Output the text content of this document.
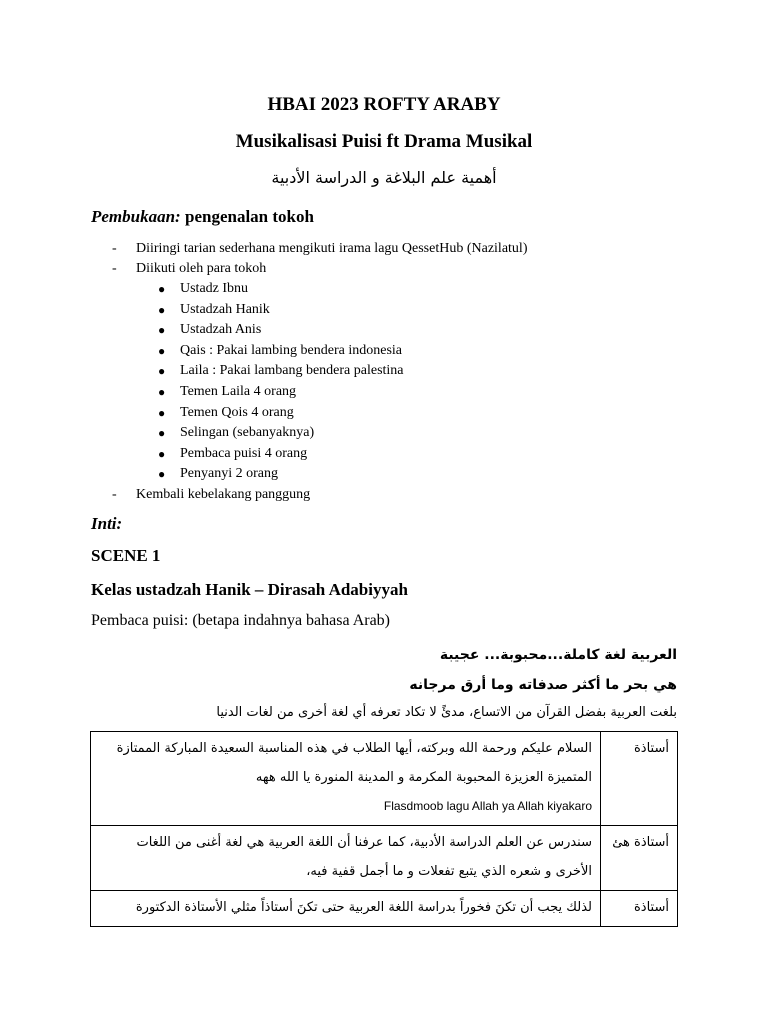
HBAI 2023 ROFTY ARABY
Musikalisasi Puisi ft Drama Musikal
أهمية علم البلاغة و الدراسة الأدبية
Pembukaan: pengenalan tokoh
- Diiringi tarian sederhana mengikuti irama lagu QessetHub (Nazilatul)
- Diikuti oleh para tokoh
● Ustadz Ibnu
● Ustadzah Hanik
● Ustadzah Anis
● Qais : Pakai lambing bendera indonesia
● Laila : Pakai lambang bendera palestina
● Temen Laila 4 orang
● Temen Qois 4 orang
● Selingan (sebanyaknya)
● Pembaca puisi 4 orang
● Penyanyi 2 orang
- Kembali kebelakang panggung
Inti:
SCENE 1
Kelas ustadzah Hanik – Dirasah Adabiyyah
Pembaca puisi: (betapa indahnya bahasa Arab)
العربية لغة كاملة...محبوبة... عجيبة
هي بحر ما أكثر صدفاته وما أرق مرجانه
بلغت العربية بفضل القرآن من الاتساع، مدئً لا تكاد تعرفه أي لغة أخرى من لغات الدنيا
أستاذة	السلام عليكم ورحمة الله وبركته، أيها الطلاب في هذه المناسبة السعيدة المباركة الممتازة
المتميزة العزيزة المحبوبة المكرمة و المدينة المنورة يا الله ههه
Flasdmoob lagu Allah ya Allah kiyakaro

أستاذة هئ	سندرس عن العلم الدراسة الأدبية، كما عرفنا أن اللغة العربية هي لغة أغنى من اللغات
الأخرى و شعره الذي يتبع تفعلات و ما أجمل قفية فيه،

أستاذة	لذلك يجب أن تكنَ فخوراً بدراسة اللغة العربية حتى تكنَ أستاذاً مثلي الأستاذة الدكتورة
